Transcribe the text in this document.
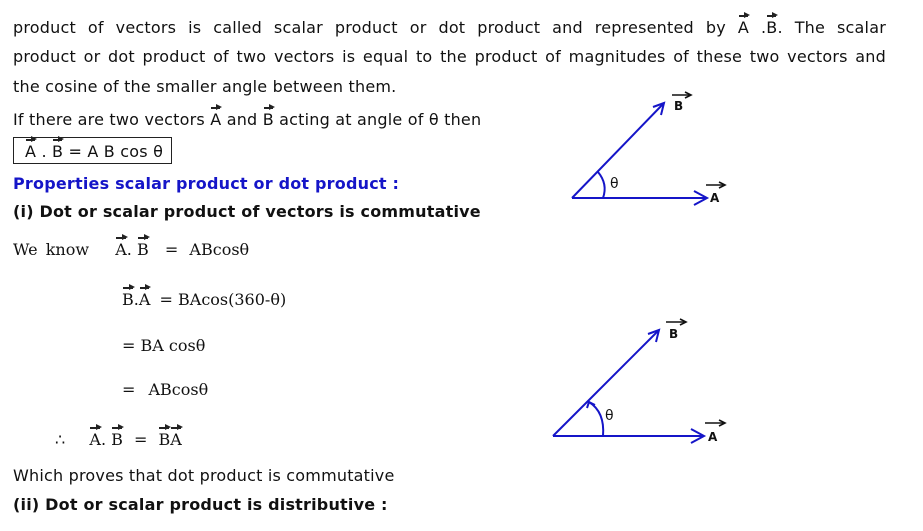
product of vectors is called scalar product or dot product and represented by A .B. The scalar
product or dot product of two vectors is equal to the product of magnitudes of these two vectors and
the cosine of the smaller angle between them.
If there are two vectors A and B acting at angle of θ then
A . B = A B cos θ
Properties scalar product or dot product :
(i) Dot or scalar product of vectors is commutative
We know A. B = ABcosθ
B.A = BAcos(360-θ)
= BA cosθ
= ABcosθ
∴ A. B = BA
Which proves that dot product is commutative
(ii) Dot or scalar product is distributive :
A
B
θ
A
B
θ
